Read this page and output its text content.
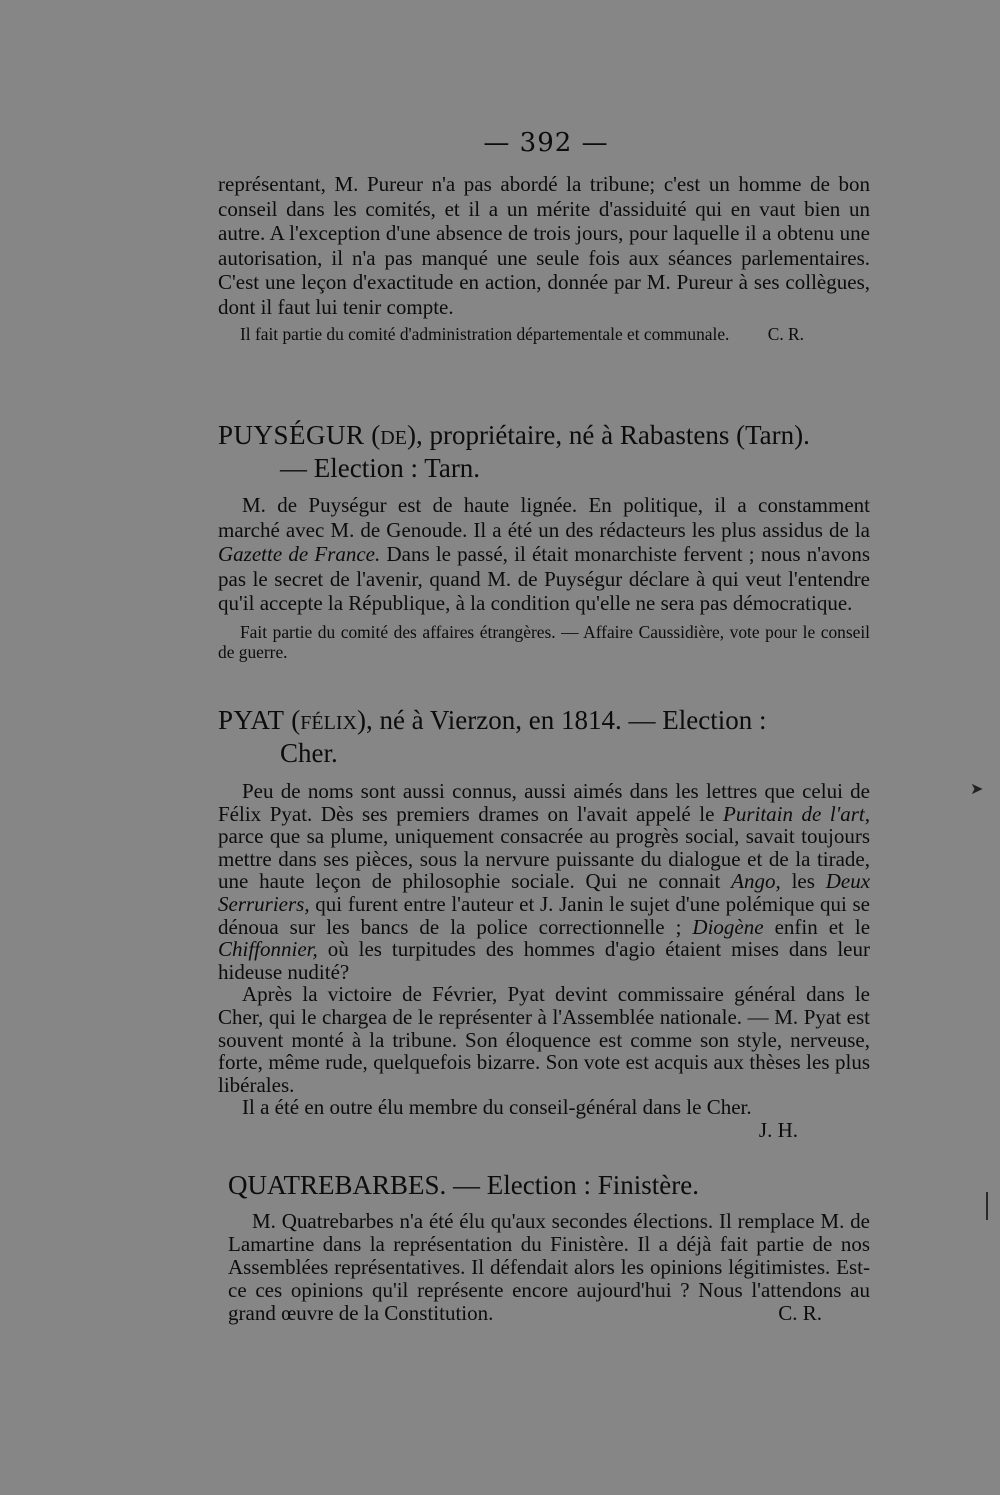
— 392 —

représentant, M. Pureur n'a pas abordé la tribune; c'est un homme de bon conseil dans les comités, et il a un mérite d'assiduité qui en vaut bien un autre. A l'exception d'une absence de trois jours, pour laquelle il a obtenu une autorisation, il n'a pas manqué une seule fois aux séances parlementaires. C'est une leçon d'exactitude en action, donnée par M. Pureur à ses collègues, dont il faut lui tenir compte.

Il fait partie du comité d'administration départementale et communale.	C. R.

PUYSÉGUR (DE), propriétaire, né à Rabastens (Tarn).
— Election : Tarn.

M. de Puységur est de haute lignée. En politique, il a constamment marché avec M. de Genoude. Il a été un des rédacteurs les plus assidus de la Gazette de France. Dans le passé, il était monarchiste fervent ; nous n'avons pas le secret de l'avenir, quand M. de Puységur déclare à qui veut l'entendre qu'il accepte la République, à la condition qu'elle ne sera pas démocratique.

Fait partie du comité des affaires étrangères. — Affaire Caussidière, vote pour le conseil de guerre.

PYAT (FÉLIX), né à Vierzon, en 1814. — Election :
Cher.

Peu de noms sont aussi connus, aussi aimés dans les lettres que celui de Félix Pyat. Dès ses premiers drames on l'avait appelé le Puritain de l'art, parce que sa plume, uniquement consacrée au progrès social, savait toujours mettre dans ses pièces, sous la nervure puissante du dialogue et de la tirade, une haute leçon de philosophie sociale. Qui ne connait Ango, les Deux Serruriers, qui furent entre l'auteur et J. Janin le sujet d'une polémique qui se dénoua sur les bancs de la police correctionnelle ; Diogène enfin et le Chiffonnier, où les turpitudes des hommes d'agio étaient mises dans leur hideuse nudité?

Après la victoire de Février, Pyat devint commissaire général dans le Cher, qui le chargea de le représenter à l'Assemblée nationale. — M. Pyat est souvent monté à la tribune. Son éloquence est comme son style, nerveuse, forte, même rude, quelquefois bizarre. Son vote est acquis aux thèses les plus libérales.

Il a été en outre élu membre du conseil-général dans le Cher.

J. H.

QUATREBARBES. — Election : Finistère.

M. Quatrebarbes n'a été élu qu'aux secondes élections. Il remplace M. de Lamartine dans la représentation du Finistère. Il a déjà fait partie de nos Assemblées représentatives. Il défendait alors les opinions légitimistes. Est-ce ces opinions qu'il représente encore aujourd'hui ? Nous l'attendons au grand œuvre de la Constitution.	C. R.

➤
